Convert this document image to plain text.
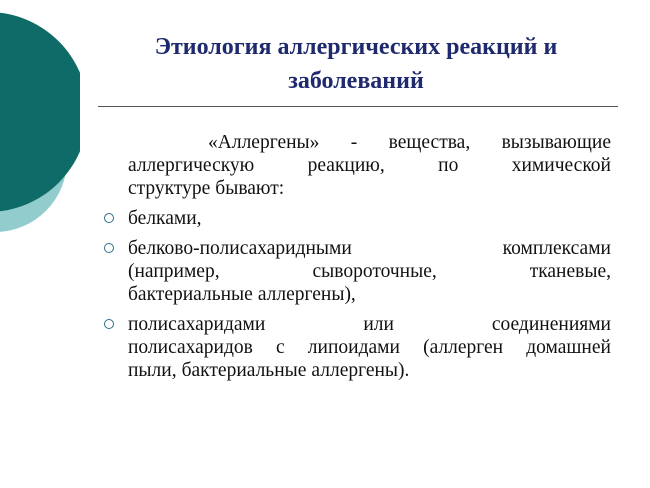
Этиология аллергических реакций и
заболеваний
«Аллергены» - вещества, вызывающие
аллергическую	реакцию,	по	химической
структуре бывают:
белками,
белково-полисахаридными	комплексами
(например,	сывороточные,	тканевые,
бактериальные аллергены),
полисахаридами	или	соединениями
полисахаридов с липоидами (аллерген домашней
пыли, бактериальные аллергены).
